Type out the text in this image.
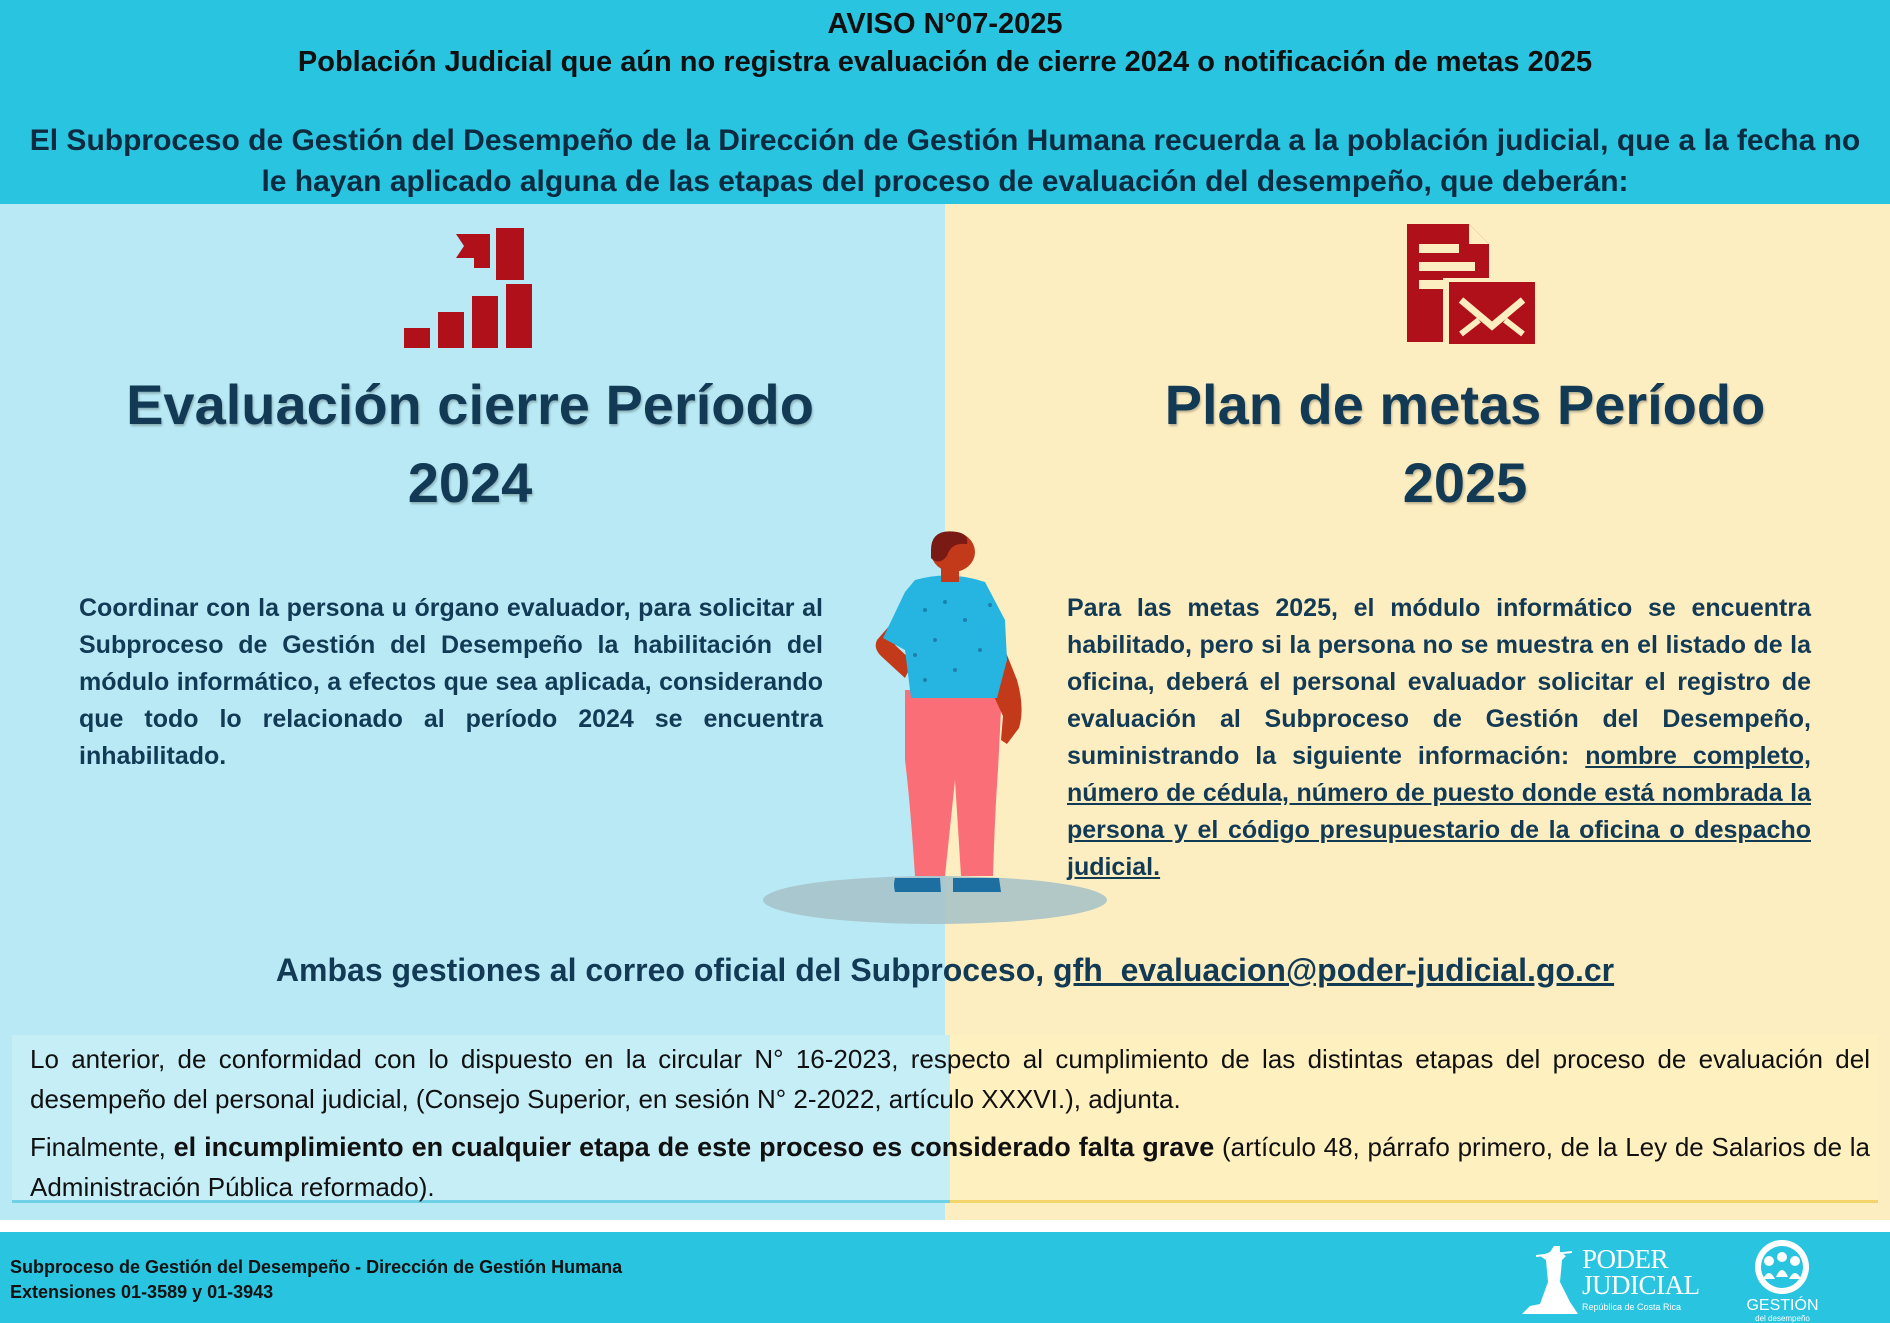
AVISO N°07-2025
Población Judicial que aún no registra evaluación de cierre 2024 o notificación de metas 2025
El Subproceso de Gestión del Desempeño de la Dirección de Gestión Humana recuerda a la población judicial, que a la fecha no le hayan aplicado alguna de las etapas del proceso de evaluación del desempeño, que deberán:
Evaluación cierre Período
2024
Plan de metas Período
2025
Coordinar con la persona u órgano evaluador, para solicitar al Subproceso de Gestión del Desempeño la habilitación del módulo informático, a efectos que sea aplicada, considerando que todo lo relacionado al período 2024 se encuentra inhabilitado.
Para las metas 2025, el módulo informático se encuentra habilitado, pero si la persona no se muestra en el listado de la oficina, deberá el personal evaluador solicitar el registro de evaluación al Subproceso de Gestión del Desempeño, suministrando la siguiente información: nombre completo, número de cédula, número de puesto donde está nombrada la persona y el código presupuestario de la oficina o despacho judicial.
Ambas gestiones al correo oficial del Subproceso, gfh_evaluacion@poder-judicial.go.cr

Lo anterior, de conformidad con lo dispuesto en la circular N° 16-2023, respecto al cumplimiento de las distintas etapas del proceso de evaluación del desempeño del personal judicial, (Consejo Superior, en sesión N° 2-2022, artículo XXXVI.), adjunta.

Finalmente, el incumplimiento en cualquier etapa de este proceso es considerado falta grave (artículo 48, párrafo primero, de la Ley de Salarios de la Administración Pública reformado).

Subproceso de Gestión del Desempeño - Dirección de Gestión Humana
Extensiones 01-3589 y 01-3943
PODER
JUDICIAL
República de Costa Rica	GESTIÓN
del desempeño
